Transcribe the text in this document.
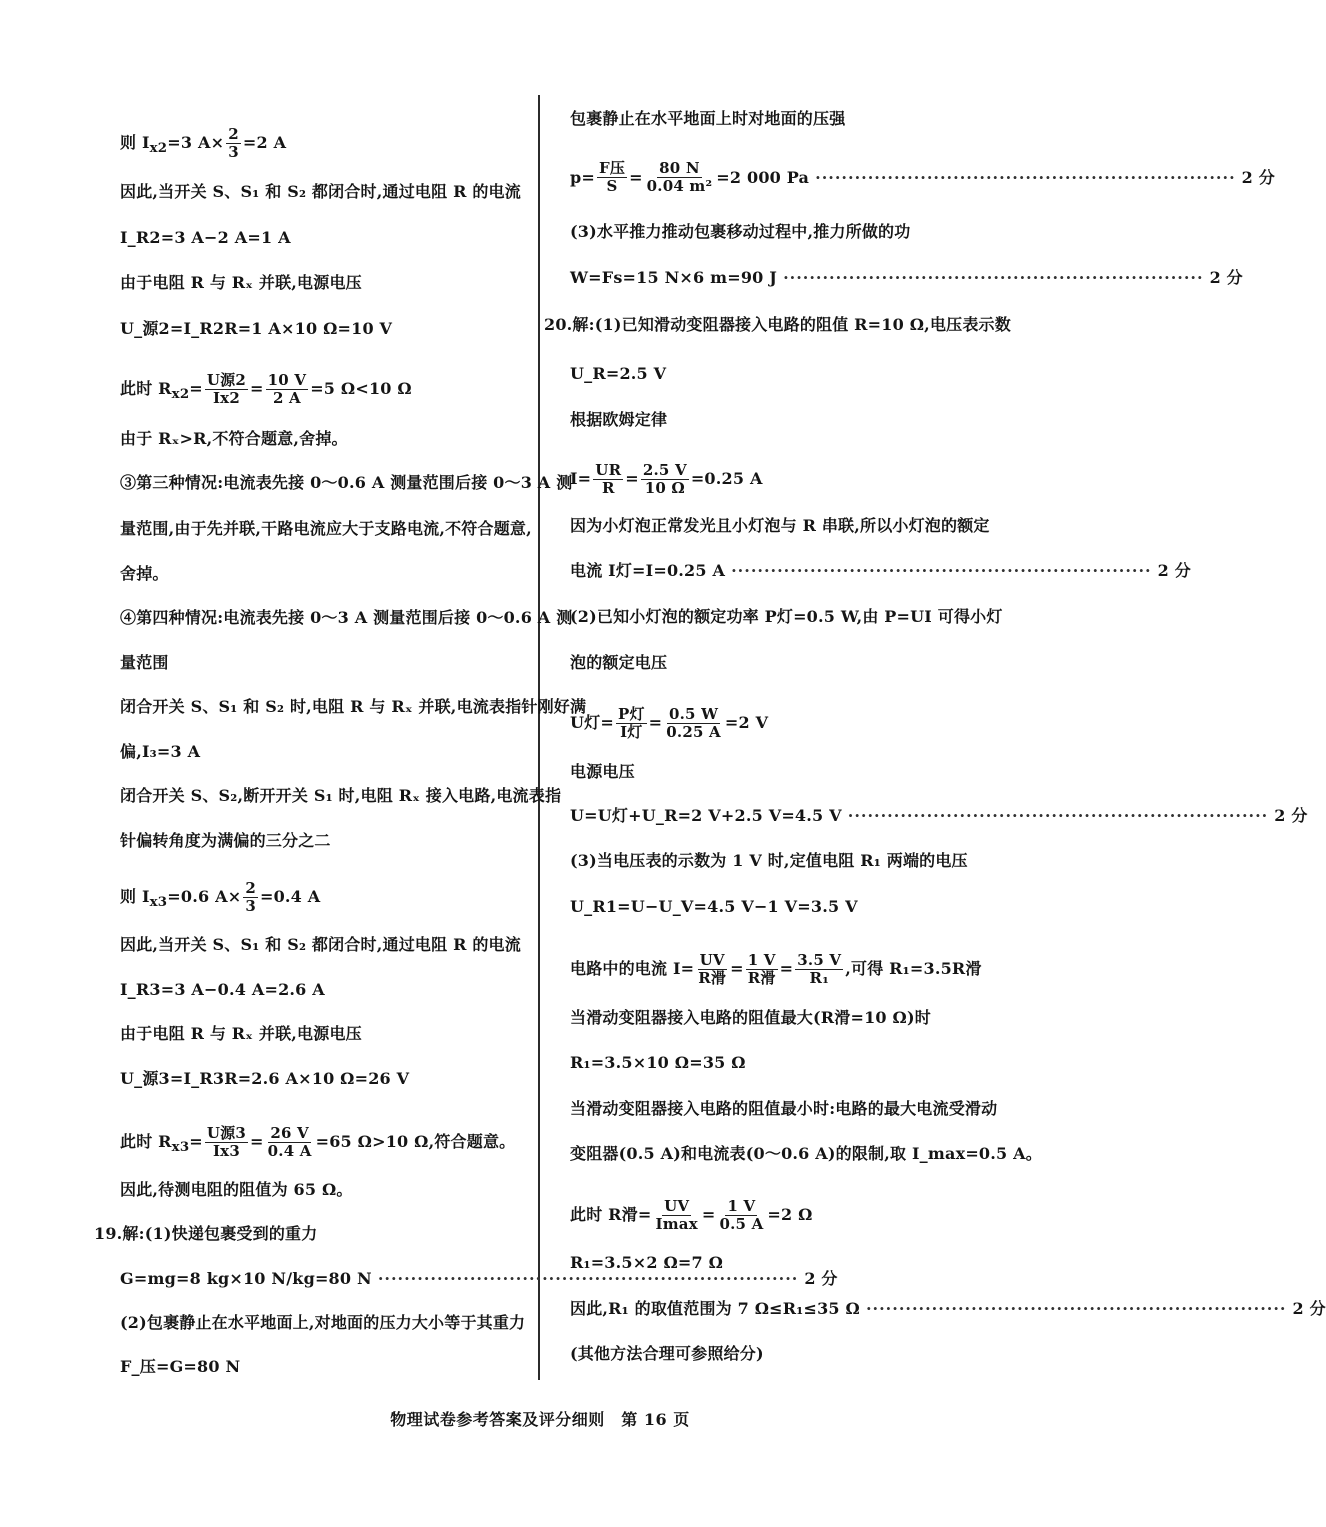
则 $I_{x2}=3$ $A\times \frac{2}{3} =2$ A
因此,当开关 S、S₁ 和 S₂ 都闭合时,通过电阻 R 的电流
I_R2=3 A−2 A=1 A
由于电阻 R 与 Rₓ 并联,电源电压
U_源2=I_R2R=1 A×10 Ω=10 V
此时 $R_{x2}= \frac{\text{U源2}}{Ix2} = \frac{10 V}{2 A} =5$ Ω<10 Ω
由于 Rₓ>R,不符合题意,舍掉。
③第三种情况:电流表先接 0～0.6 A 测量范围后接 0～3 A 测
量范围,由于先并联,干路电流应大于支路电流,不符合题意,
舍掉。
④第四种情况:电流表先接 0～3 A 测量范围后接 0～0.6 A 测
量范围
闭合开关 S、S₁ 和 S₂ 时,电阻 R 与 Rₓ 并联,电流表指针刚好满
偏,I₃=3 A
闭合开关 S、S₂,断开开关 S₁ 时,电阻 Rₓ 接入电路,电流表指
针偏转角度为满偏的三分之二
则 $I_{x3}=0.6$ $A\times \frac{2}{3} =0.4$ A
因此,当开关 S、S₁ 和 S₂ 都闭合时,通过电阻 R 的电流
I_R3=3 A−0.4 A=2.6 A
由于电阻 R 与 Rₓ 并联,电源电压
U_源3=I_R3R=2.6 A×10 Ω=26 V
此时 $R_{x3}= \frac{\text{U源3}}{Ix3} = \frac{26 V}{0.4 A} =65$ Ω>10 Ω,符合题意。
因此,待测电阻的阻值为 65 Ω。
19.解:(1)快递包裹受到的重力
G=mg=8 kg×10 N/kg=80 N ································································ 2 分
(2)包裹静止在水平地面上,对地面的压力大小等于其重力
F_压=G=80 N
包裹静止在水平地面上时对地面的压强
$p= \frac{\text{F压}}{S} = \frac{80 N}{\text{0.04 m²}} =2$ 000 Pa ································································ 2 分
(3)水平推力推动包裹移动过程中,推力所做的功
W=Fs=15 N×6 m=90 J ································································ 2 分
20.解:(1)已知滑动变阻器接入电路的阻值 R=10 Ω,电压表示数
U_R=2.5 V
根据欧姆定律
$I= \frac{UR}{R} = \frac{2.5 V}{10 \Omega} =0.25$ A
因为小灯泡正常发光且小灯泡与 R 串联,所以小灯泡的额定
电流 I灯=I=0.25 A ································································ 2 分
(2)已知小灯泡的额定功率 P灯=0.5 W,由 P=UI 可得小灯
泡的额定电压
U灯= $\frac{\text{P灯}}{\text{I灯}} = \frac{0.5 W}{0.25 A} =2$ V
电源电压
U=U灯+U_R=2 V+2.5 V=4.5 V ································································ 2 分
(3)当电压表的示数为 1 V 时,定值电阻 R₁ 两端的电压
U_R1=U−U_V=4.5 V−1 V=3.5 V
电路中的电流 $I= \frac{UV}{\text{R滑}} = \frac{1 V}{\text{R滑}} = \frac{3.5 V}{\text{R₁}}$ ,可得 R₁=3.5R滑
当滑动变阻器接入电路的阻值最大(R滑=10 Ω)时
R₁=3.5×10 Ω=35 Ω
当滑动变阻器接入电路的阻值最小时:电路的最大电流受滑动
变阻器(0.5 A)和电流表(0～0.6 A)的限制,取 I_max=0.5 A。
此时 R滑= $\frac{UV}{Imax} = \frac{1 V}{0.5 A} =2$ Ω
R₁=3.5×2 Ω=7 Ω
因此,R₁ 的取值范围为 7 Ω≤R₁≤35 Ω ································································ 2 分
(其他方法合理可参照给分)
物理试卷参考答案及评分细则　第 16 页
